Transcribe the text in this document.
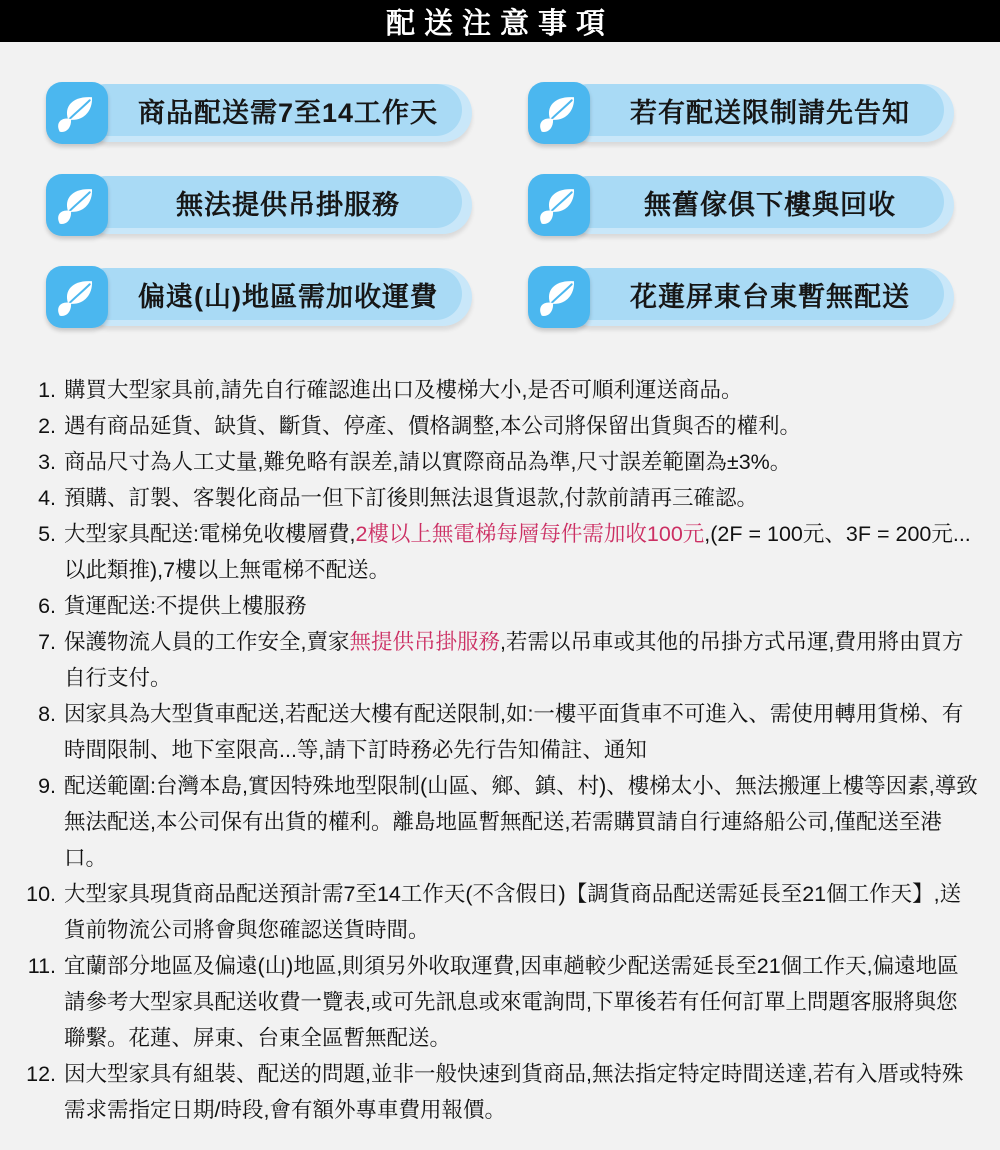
配送注意事項
商品配送需7至14工作天	若有配送限制請先告知
無法提供吊掛服務	無舊傢俱下樓與回收
偏遠(山)地區需加收運費	花蓮屏東台東暫無配送
1. 購買大型家具前,請先自行確認進出口及樓梯大小,是否可順利運送商品。
2. 遇有商品延貨、缺貨、斷貨、停產、價格調整,本公司將保留出貨與否的權利。
3. 商品尺寸為人工丈量,難免略有誤差,請以實際商品為準,尺寸誤差範圍為±3%。
4. 預購、訂製、客製化商品一但下訂後則無法退貨退款,付款前請再三確認。
5. 大型家具配送:電梯免收樓層費,2樓以上無電梯每層每件需加收100元,(2F = 100元、3F = 200元...以此類推),7樓以上無電梯不配送。
6. 貨運配送:不提供上樓服務
7. 保護物流人員的工作安全,賣家無提供吊掛服務,若需以吊車或其他的吊掛方式吊運,費用將由買方自行支付。
8. 因家具為大型貨車配送,若配送大樓有配送限制,如:一樓平面貨車不可進入、需使用轉用貨梯、有時間限制、地下室限高...等,請下訂時務必先行告知備註、通知
9. 配送範圍:台灣本島,實因特殊地型限制(山區、鄉、鎮、村)、樓梯太小、無法搬運上樓等因素,導致無法配送,本公司保有出貨的權利。離島地區暫無配送,若需購買請自行連絡船公司,僅配送至港口。
10. 大型家具現貨商品配送預計需7至14工作天(不含假日)【調貨商品配送需延長至21個工作天】,送貨前物流公司將會與您確認送貨時間。
11. 宜蘭部分地區及偏遠(山)地區,則須另外收取運費,因車趟較少配送需延長至21個工作天,偏遠地區請參考大型家具配送收費一覽表,或可先訊息或來電詢問,下單後若有任何訂單上問題客服將與您聯繫。花蓮、屏東、台東全區暫無配送。
12. 因大型家具有組裝、配送的問題,並非一般快速到貨商品,無法指定特定時間送達,若有入厝或特殊需求需指定日期/時段,會有額外專車費用報價。
